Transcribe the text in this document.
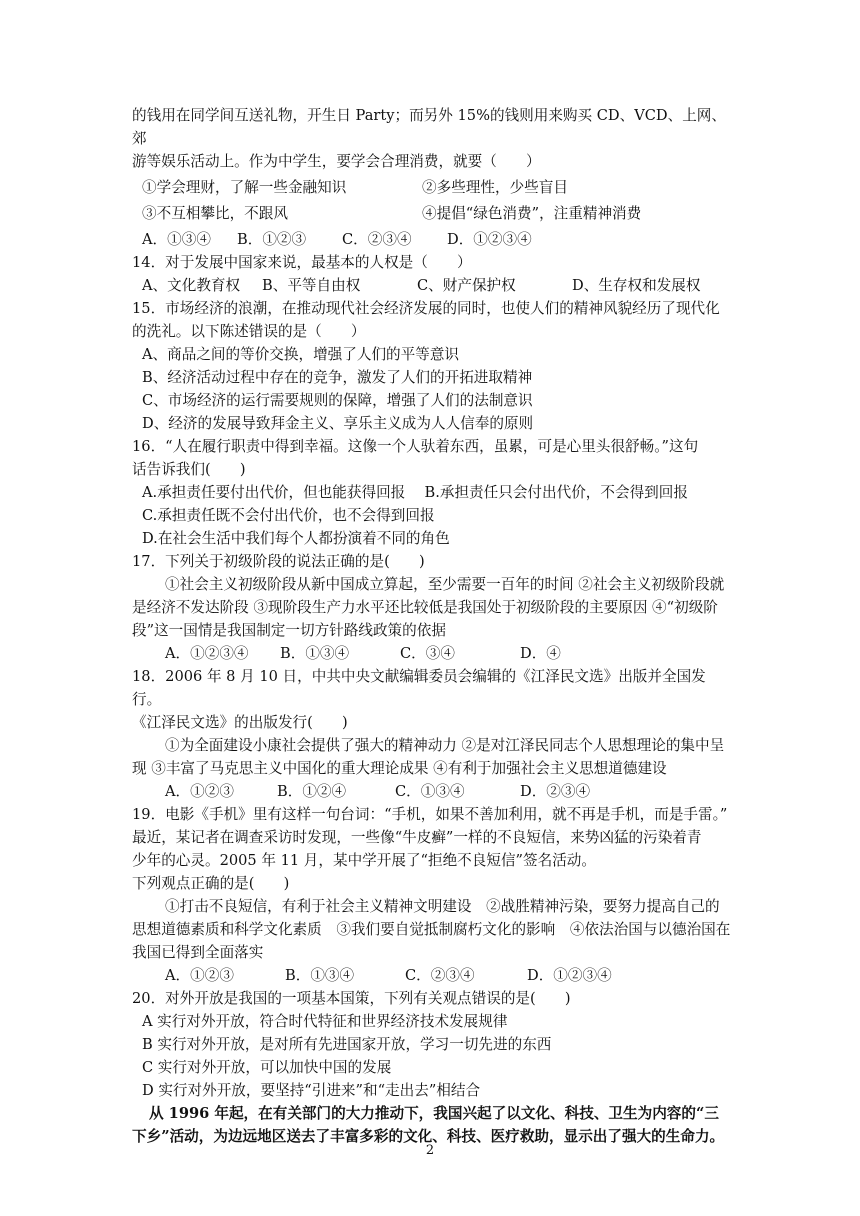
的钱用在同学间互送礼物，开生日 Party；而另外 15%的钱则用来购买 CD、VCD、上网、郊

游等娱乐活动上。作为中学生，要学会合理消费，就要（　　）

①学会理财，了解一些金融知识	②多些理性，少些盲目
③不互相攀比，不跟风	④提倡“绿色消费”，注重精神消费
A．①③④	B．①②③	C．②③④	D．①②③④

14．对于发展中国家来说，最基本的人权是（　　）

A、文化教育权	B、平等自由权	C、财产保护权	D、生存权和发展权

15．市场经济的浪潮，在推动现代社会经济发展的同时，也使人们的精神风貌经历了现代化

的洗礼。以下陈述错误的是（　　）

A、商品之间的等价交换，增强了人们的平等意识

B、经济活动过程中存在的竞争，激发了人们的开拓进取精神

C、市场经济的运行需要规则的保障，增强了人们的法制意识

D、经济的发展导致拜金主义、享乐主义成为人人信奉的原则

16．“人在履行职责中得到幸福。这像一个人驮着东西，虽累，可是心里头很舒畅。”这句

话告诉我们(　　)

A.承担责任要付出代价，但也能获得回报　 B.承担责任只会付出代价，不会得到回报

C.承担责任既不会付出代价，也不会得到回报

D.在社会生活中我们每个人都扮演着不同的角色

17．下列关于初级阶段的说法正确的是(　　)

①社会主义初级阶段从新中国成立算起，至少需要一百年的时间 ②社会主义初级阶段就是经济不发达阶段 ③现阶段生产力水平还比较低是我国处于初级阶段的主要原因 ④“初级阶段”这一国情是我国制定一切方针路线政策的依据

A．①②③④	B．①③④	C．③④	D．④

18．2006 年 8 月 10 日，中共中央文献编辑委员会编辑的《江泽民文选》出版并全国发行。

《江泽民文选》的出版发行(　　)

①为全面建设小康社会提供了强大的精神动力 ②是对江泽民同志个人思想理论的集中呈现 ③丰富了马克思主义中国化的重大理论成果 ④有利于加强社会主义思想道德建设

A．①②③	B．①②④	C．①③④	D．②③④

19．电影《手机》里有这样一句台词：“手机，如果不善加利用，就不再是手机，而是手雷。”

最近，某记者在调查采访时发现，一些像“牛皮癣”一样的不良短信，来势凶猛的污染着青

少年的心灵。2005 年 11 月，某中学开展了“拒绝不良短信”签名活动。

下列观点正确的是(　　)

①打击不良短信，有利于社会主义精神文明建设　②战胜精神污染，要努力提高自己的思想道德素质和科学文化素质　③我们要自觉抵制腐朽文化的影响　④依法治国与以德治国在我国已得到全面落实

A．①②③	B．①③④	C．②③④	D．①②③④

20．对外开放是我国的一项基本国策，下列有关观点错误的是(　　)

A 实行对外开放，符合时代特征和世界经济技术发展规律

B 实行对外开放，是对所有先进国家开放，学习一切先进的东西

C 实行对外开放，可以加快中国的发展

D 实行对外开放，要坚持“引进来”和“走出去”相结合

从 1996 年起，在有关部门的大力推动下，我国兴起了以文化、科技、卫生为内容的“三下乡”活动，为边远地区送去了丰富多彩的文化、科技、医疗救助，显示出了强大的生命力。

2
